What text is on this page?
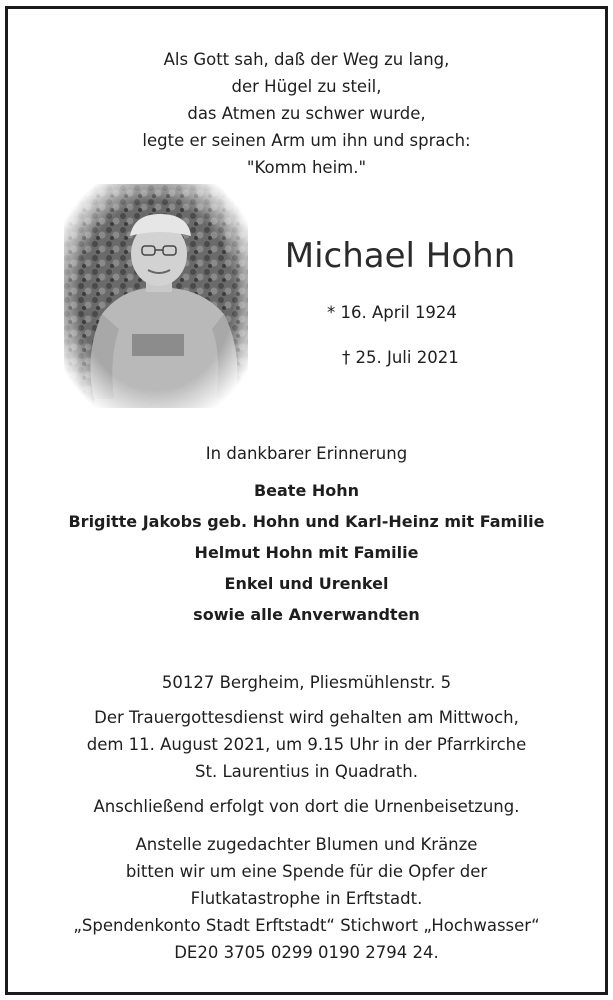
Als Gott sah, daß der Weg zu lang,
der Hügel zu steil,
das Atmen zu schwer wurde,
legte er seinen Arm um ihn und sprach:
"Komm heim."
Michael Hohn
* 16. April 1924
† 25. Juli 2021
In dankbarer Erinnerung
Beate Hohn
Brigitte Jakobs geb. Hohn und Karl-Heinz mit Familie
Helmut Hohn mit Familie
Enkel und Urenkel
sowie alle Anverwandten
50127 Bergheim, Pliesmühlenstr. 5
Der Trauergottesdienst wird gehalten am Mittwoch,
dem 11. August 2021, um 9.15 Uhr in der Pfarrkirche
St. Laurentius in Quadrath.
Anschließend erfolgt von dort die Urnenbeisetzung.
Anstelle zugedachter Blumen und Kränze
bitten wir um eine Spende für die Opfer der
Flutkatastrophe in Erftstadt.
„Spendenkonto Stadt Erftstadt“ Stichwort „Hochwasser“
DE20 3705 0299 0190 2794 24.
